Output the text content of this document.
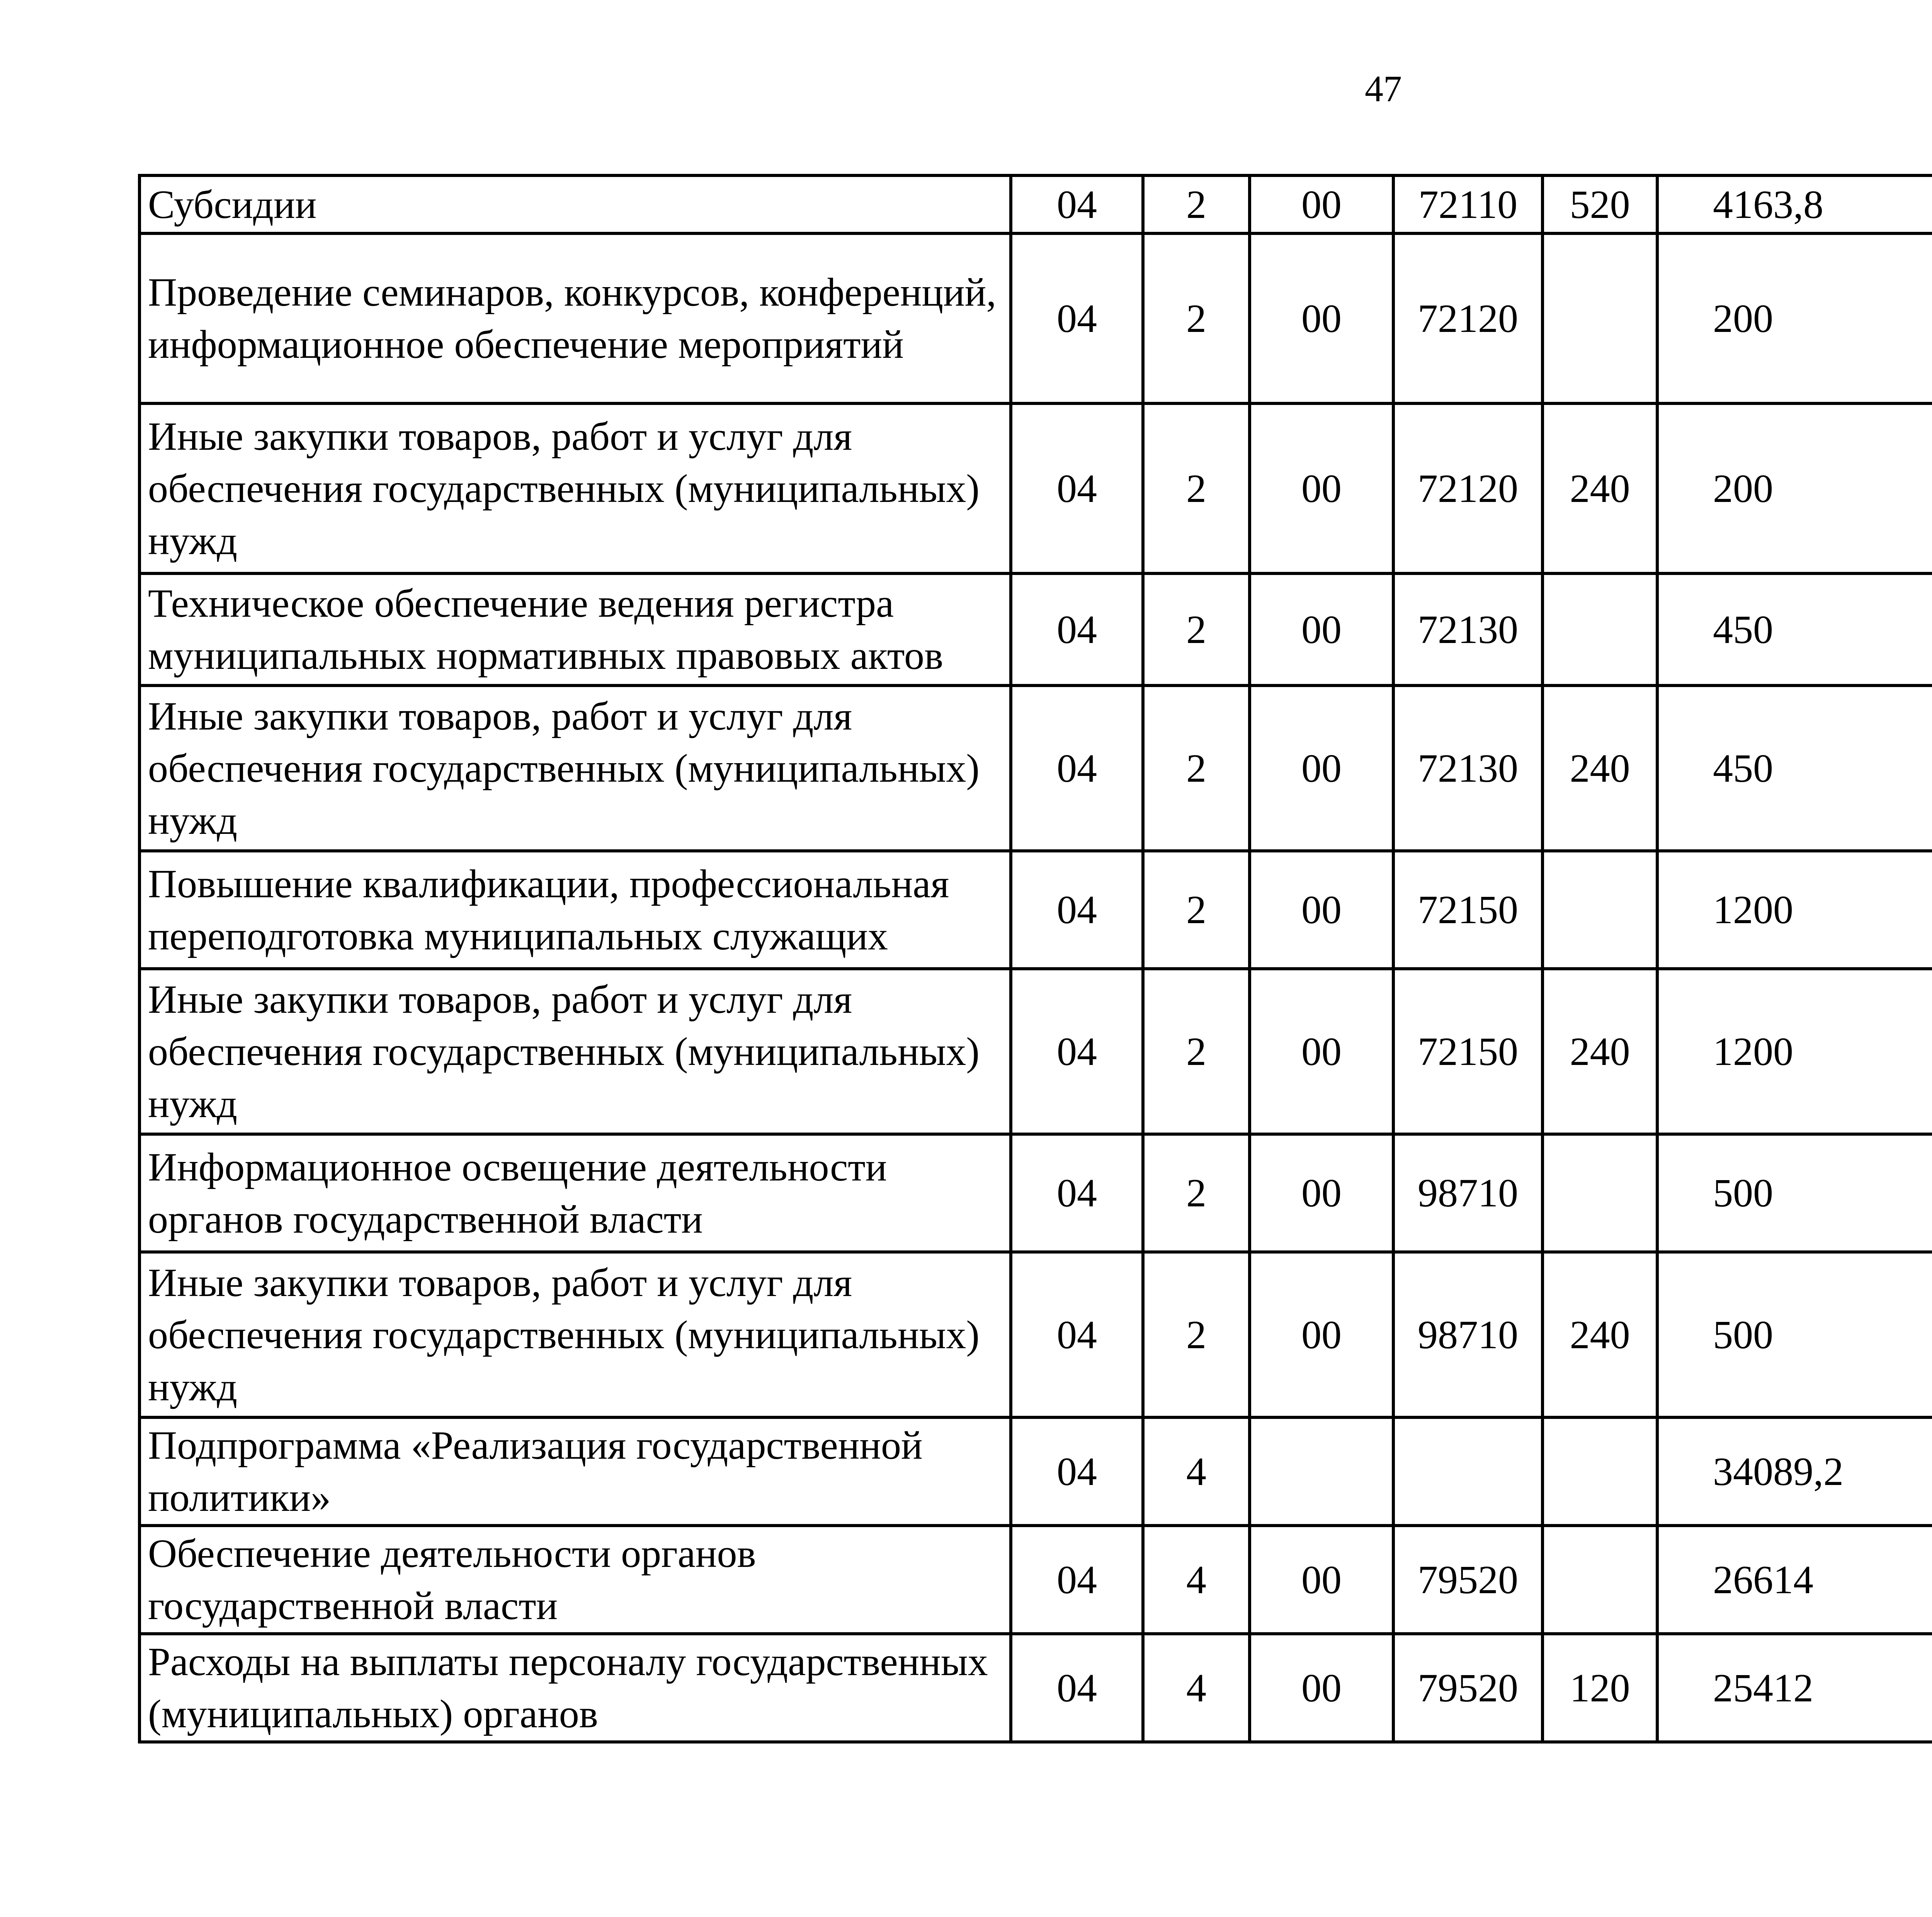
47
Субсидии	04	2	00	72110	520	4163,8		
Проведение семинаров, конкурсов, конференций, информационное обеспечение мероприятий	04	2	00	72120		200		
Иные закупки товаров, работ и услуг для обеспечения государственных (муниципальных) нужд	04	2	00	72120	240	200		
Техническое обеспечение ведения регистра муниципальных нормативных правовых актов	04	2	00	72130		450		
Иные закупки товаров, работ и услуг для обеспечения государственных (муниципальных) нужд	04	2	00	72130	240	450		
Повышение квалификации, профессиональная переподготовка муниципальных служащих	04	2	00	72150		1200		
Иные закупки товаров, работ и услуг для обеспечения государственных (муниципальных) нужд	04	2	00	72150	240	1200		
Информационное освещение деятельности органов государственной власти	04	2	00	98710		500		
Иные закупки товаров, работ и услуг для обеспечения государственных (муниципальных) нужд	04	2	00	98710	240	500		
Подпрограмма «Реализация государственной политики»	04	4				34089,2		
Обеспечение деятельности органов государственной власти	04	4	00	79520		26614		
Расходы на выплаты персоналу государственных (муниципальных) органов	04	4	00	79520	120	25412		
